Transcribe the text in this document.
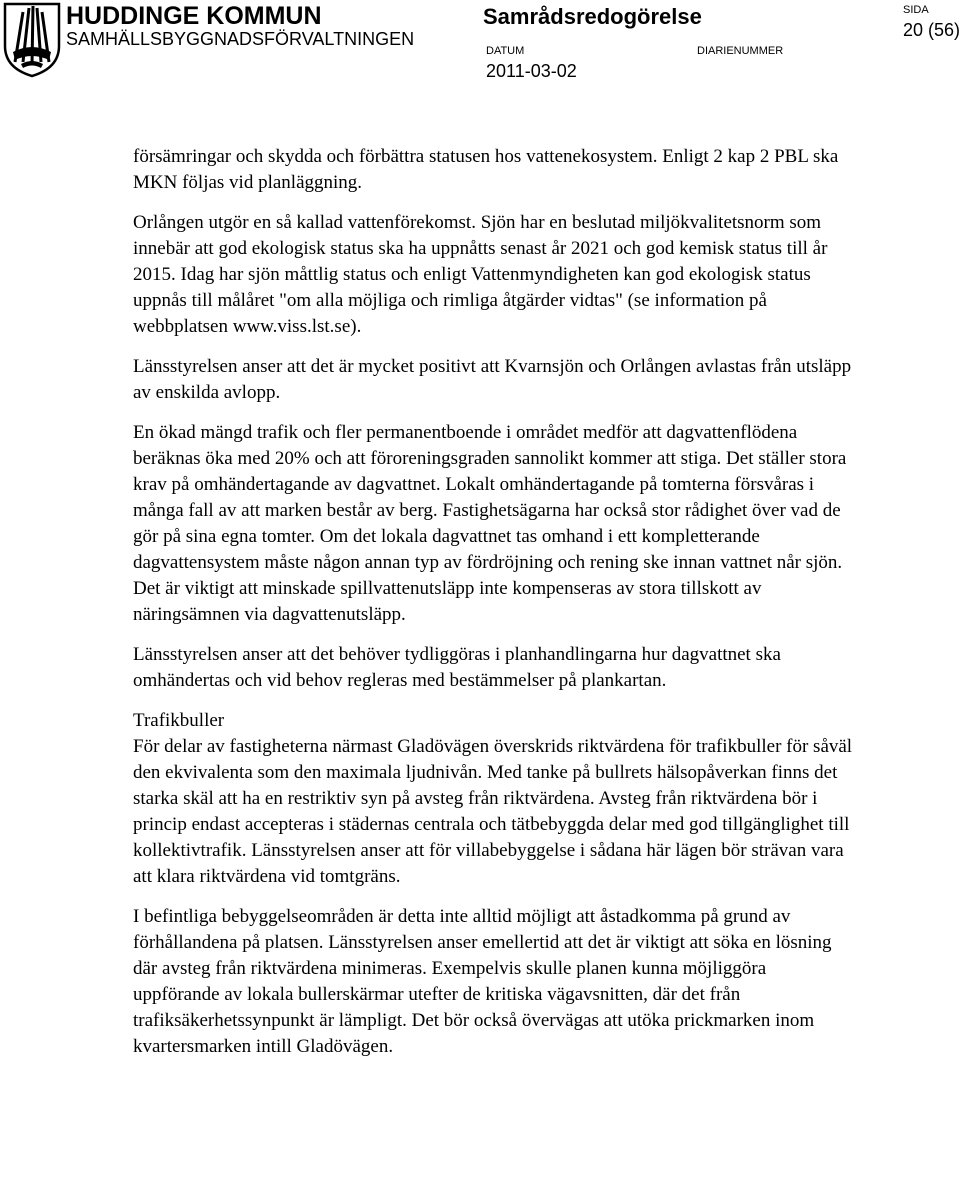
HUDDINGE KOMMUN
SAMHÄLLSBYGGNADSFÖRVALTNINGEN
Samrådsredogörelse
DATUM
2011-03-02
DIARIENUMMER
SIDA
20 (56)

försämringar och skydda och förbättra statusen hos vattenekosystem. Enligt 2 kap 2 PBL ska MKN följas vid planläggning.

Orlången utgör en så kallad vattenförekomst. Sjön har en beslutad miljökvalitetsnorm som innebär att god ekologisk status ska ha uppnåtts senast år 2021 och god kemisk status till år 2015. Idag har sjön måttlig status och enligt Vattenmyndigheten kan god ekologisk status uppnås till målåret "om alla möjliga och rimliga åtgärder vidtas" (se information på webbplatsen www.viss.lst.se).

Länsstyrelsen anser att det är mycket positivt att Kvarnsjön och Orlången avlastas från utsläpp av enskilda avlopp.

En ökad mängd trafik och fler permanentboende i området medför att dagvattenflödena beräknas öka med 20% och att föroreningsgraden sannolikt kommer att stiga. Det ställer stora krav på omhändertagande av dagvattnet. Lokalt omhändertagande på tomterna försvåras i många fall av att marken består av berg. Fastighetsägarna har också stor rådighet över vad de gör på sina egna tomter. Om det lokala dagvattnet tas omhand i ett kompletterande dagvattensystem måste någon annan typ av fördröjning och rening ske innan vattnet når sjön. Det är viktigt att minskade spillvattenutsläpp inte kompenseras av stora tillskott av näringsämnen via dagvattenutsläpp.

Länsstyrelsen anser att det behöver tydliggöras i planhandlingarna hur dagvattnet ska omhändertas och vid behov regleras med bestämmelser på plankartan.

Trafikbuller

För delar av fastigheterna närmast Gladövägen överskrids riktvärdena för trafikbuller för såväl den ekvivalenta som den maximala ljudnivån. Med tanke på bullrets hälsopåverkan finns det starka skäl att ha en restriktiv syn på avsteg från riktvärdena. Avsteg från riktvärdena bör i princip endast accepteras i städernas centrala och tätbebyggda delar med god tillgänglighet till kollektivtrafik. Länsstyrelsen anser att för villabebyggelse i sådana här lägen bör strävan vara att klara riktvärdena vid tomtgräns.

I befintliga bebyggelseområden är detta inte alltid möjligt att åstadkomma på grund av förhållandena på platsen. Länsstyrelsen anser emellertid att det är viktigt att söka en lösning där avsteg från riktvärdena minimeras. Exempelvis skulle planen kunna möjliggöra uppförande av lokala bullerskärmar utefter de kritiska vägavsnitten, där det från trafiksäkerhetssynpunkt är lämpligt. Det bör också övervägas att utöka prickmarken inom kvartersmarken intill Gladövägen.
